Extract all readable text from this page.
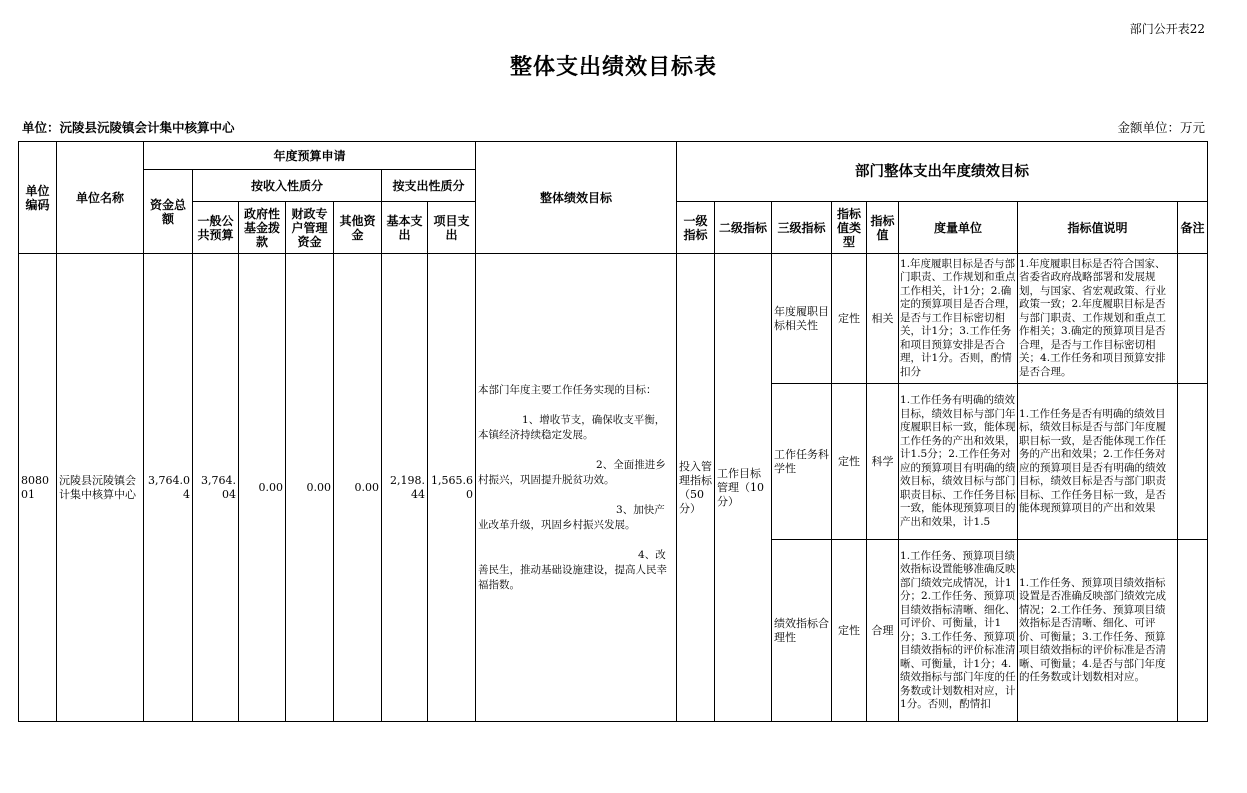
部门公开表22
整体支出绩效目标表
单位：沅陵县沅陵镇会计集中核算中心	金额单位：万元
单位编码	单位名称	年度预算申请							整体绩效目标	部门整体支出年度绩效目标							
		资金总额	按收入性质分				按支出性质分										
			一般公共预算	政府性基金拨款	财政专户管理资金	其他资金	基本支出	项目支出		一级指标	二级指标	三级指标	指标值类型	指标值	度量单位	指标值说明	备注
808001	沅陵县沅陵镇会计集中核算中心	3,764.04	3,764.04	0.00	0.00	0.00	2,198.44	1,565.60	本部门年度主要工作任务实现的目标：

1、增收节支，确保收支平衡，本镇经济持续稳定发展。

2、全面推进乡村振兴，巩固提升脱贫功效。

3、加快产业改革升级，巩固乡村振兴发展。

4、改善民生，推动基础设施建设，提高人民幸福指数。	投入管理指标（50分）	工作目标管理（10分）	年度履职目标相关性	定性	相关	1.年度履职目标是否与部门职责、工作规划和重点工作相关，计1分；2.确定的预算项目是否合理，是否与工作目标密切相关，计1分；3.工作任务和项目预算安排是否合理，计1分。否则，酌情扣分	1.年度履职目标是否符合国家、省委省政府战略部署和发展规划，与国家、省宏观政策、行业政策一致；2.年度履职目标是否与部门职责、工作规划和重点工作相关；3.确定的预算项目是否合理，是否与工作目标密切相关；4.工作任务和项目预算安排是否合理。	
												工作任务科学性	定性	科学	1.工作任务有明确的绩效目标，绩效目标与部门年度履职目标一致，能体现工作任务的产出和效果，计1.5分；2.工作任务对应的预算项目有明确的绩效目标，绩效目标与部门职责目标、工作任务目标一致，能体现预算项目的产出和效果，计1.5	1.工作任务是否有明确的绩效目标，绩效目标是否与部门年度履职目标一致，是否能体现工作任务的产出和效果；2.工作任务对应的预算项目是否有明确的绩效目标，绩效目标是否与部门职责目标、工作任务目标一致，是否能体现预算项目的产出和效果	
												绩效指标合理性	定性	合理	1.工作任务、预算项目绩效指标设置能够准确反映部门绩效完成情况，计1分；2.工作任务、预算项目绩效指标清晰、细化、可评价、可衡量，计1分；3.工作任务、预算项目绩效指标的评价标准清晰、可衡量，计1分；4.绩效指标与部门年度的任务数或计划数相对应，计1分。否则，酌情扣	1.工作任务、预算项目绩效指标设置是否准确反映部门绩效完成情况；2.工作任务、预算项目绩效指标是否清晰、细化、可评价、可衡量；3.工作任务、预算项目绩效指标的评价标准是否清晰、可衡量；4.是否与部门年度的任务数或计划数相对应。	
